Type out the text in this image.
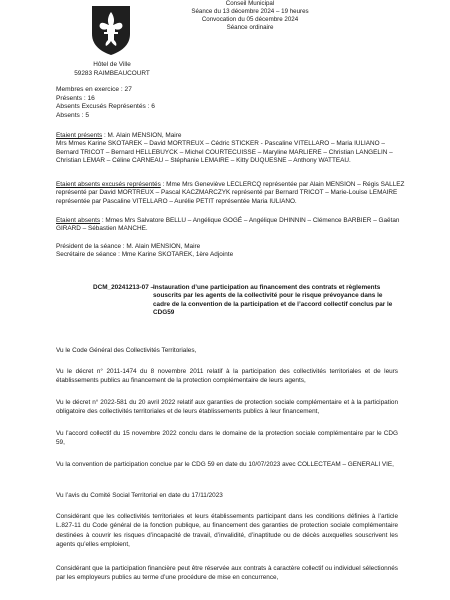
Conseil Municipal
Séance du 13 décembre 2024 – 19 heures
Convocation du 05 décembre 2024
Séance ordinaire
Hôtel de Ville
59283 RAIMBEAUCOURT
Membres en exercice : 27
Présents : 16
Absents Excusés Représentés : 6
Absents : 5
Etaient présents : M. Alain MENSION, Maire
Mrs Mmes Karine SKOTAREK – David MORTREUX – Cédric STICKER - Pascaline VITELLARO – Maria IULIANO – Bernard TRICOT – Bernard HELLEBUYCK – Michel COURTECUISSE – Maryline MARLIERE – Christian LANGELIN – Christian LEMAR – Céline CARNEAU – Stéphanie LEMAIRE – Kitty DUQUESNE – Anthony WATTEAU.
Etaient absents excusés représentés : Mme Mrs Geneviève LECLERCQ représentée par Alain MENSION – Régis SALLEZ représenté par David MORTREUX – Pascal KACZMARCZYK représenté par Bernard TRICOT – Marie-Louise LEMAIRE représentée par Pascaline VITELLARO – Aurélie PETIT représentée Maria IULIANO.
Etaient absents : Mmes Mrs Salvatore BELLU – Angélique GOGÉ – Angélique DHINNIN – Clémence BARBIER – Gaëtan GIRARD – Sébastien MANCHE.
Président de la séance : M. Alain MENSION, Maire
Secrétaire de séance : Mme Karine SKOTAREK, 1ère Adjointe
DCM_20241213-07 –
Instauration d’une participation au financement des contrats et règlements souscrits par les agents de la collectivité pour le risque prévoyance dans le cadre de la convention de la participation et de l’accord collectif conclus par le CDG59
Vu le Code Général des Collectivités Territoriales,
Vu le décret n° 2011-1474 du 8 novembre 2011 relatif à la participation des collectivités territoriales et de leurs établissements publics au financement de la protection complémentaire de leurs agents,
Vu le décret n° 2022-581 du 20 avril 2022 relatif aux garanties de protection sociale complémentaire et à la participation obligatoire des collectivités territoriales et de leurs établissements publics à leur financement,
Vu l’accord collectif du 15 novembre 2022 conclu dans le domaine de la protection sociale complémentaire par le CDG 59,
Vu la convention de participation conclue par le CDG 59 en date du 10/07/2023 avec COLLECTEAM – GENERALI VIE,
Vu l’avis du Comité Social Territorial en date du 17/11/2023
Considérant que les collectivités territoriales et leurs établissements participant dans les conditions définies à l’article L.827-11 du Code général de la fonction publique, au financement des garanties de protection sociale complémentaire destinées à couvrir les risques d’incapacité de travail, d’invalidité, d’inaptitude ou de décès auxquelles souscrivent les agents qu’elles emploient,
Considérant que la participation financière peut être réservée aux contrats à caractère collectif ou individuel sélectionnés par les employeurs publics au terme d’une procédure de mise en concurrence,
